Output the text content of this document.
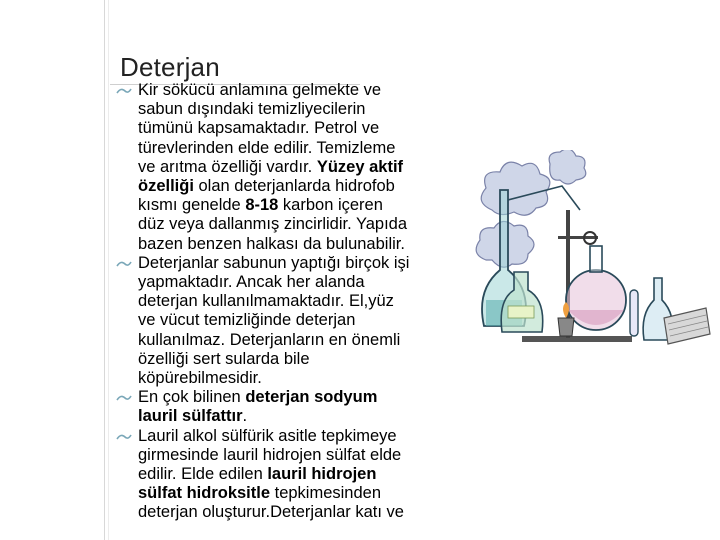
Deterjan
Kir sökücü anlamına gelmekte ve
sabun dışındaki temizliyecilerin
tümünü kapsamaktadır. Petrol ve
türevlerinden elde edilir. Temizleme
ve arıtma özelliği vardır. Yüzey aktif
özelliği olan deterjanlarda hidrofob
kısmı genelde 8-18 karbon içeren
düz veya dallanmış zincirlidir. Yapıda
bazen benzen halkası da bulunabilir.
Deterjanlar sabunun yaptığı birçok işi
yapmaktadır. Ancak her alanda
deterjan kullanılmamaktadır. El,yüz
ve vücut temizliğinde deterjan
kullanılmaz. Deterjanların en önemli
özelliği sert sularda bile
köpürebilmesidir.
En çok bilinen deterjan sodyum
lauril sülfattır.
Lauril alkol sülfürik asitle tepkimeye
girmesinde lauril hidrojen sülfat elde
edilir. Elde edilen lauril hidrojen
sülfat hidroksitle tepkimesinden
deterjan oluşturur.Deterjanlar katı ve
